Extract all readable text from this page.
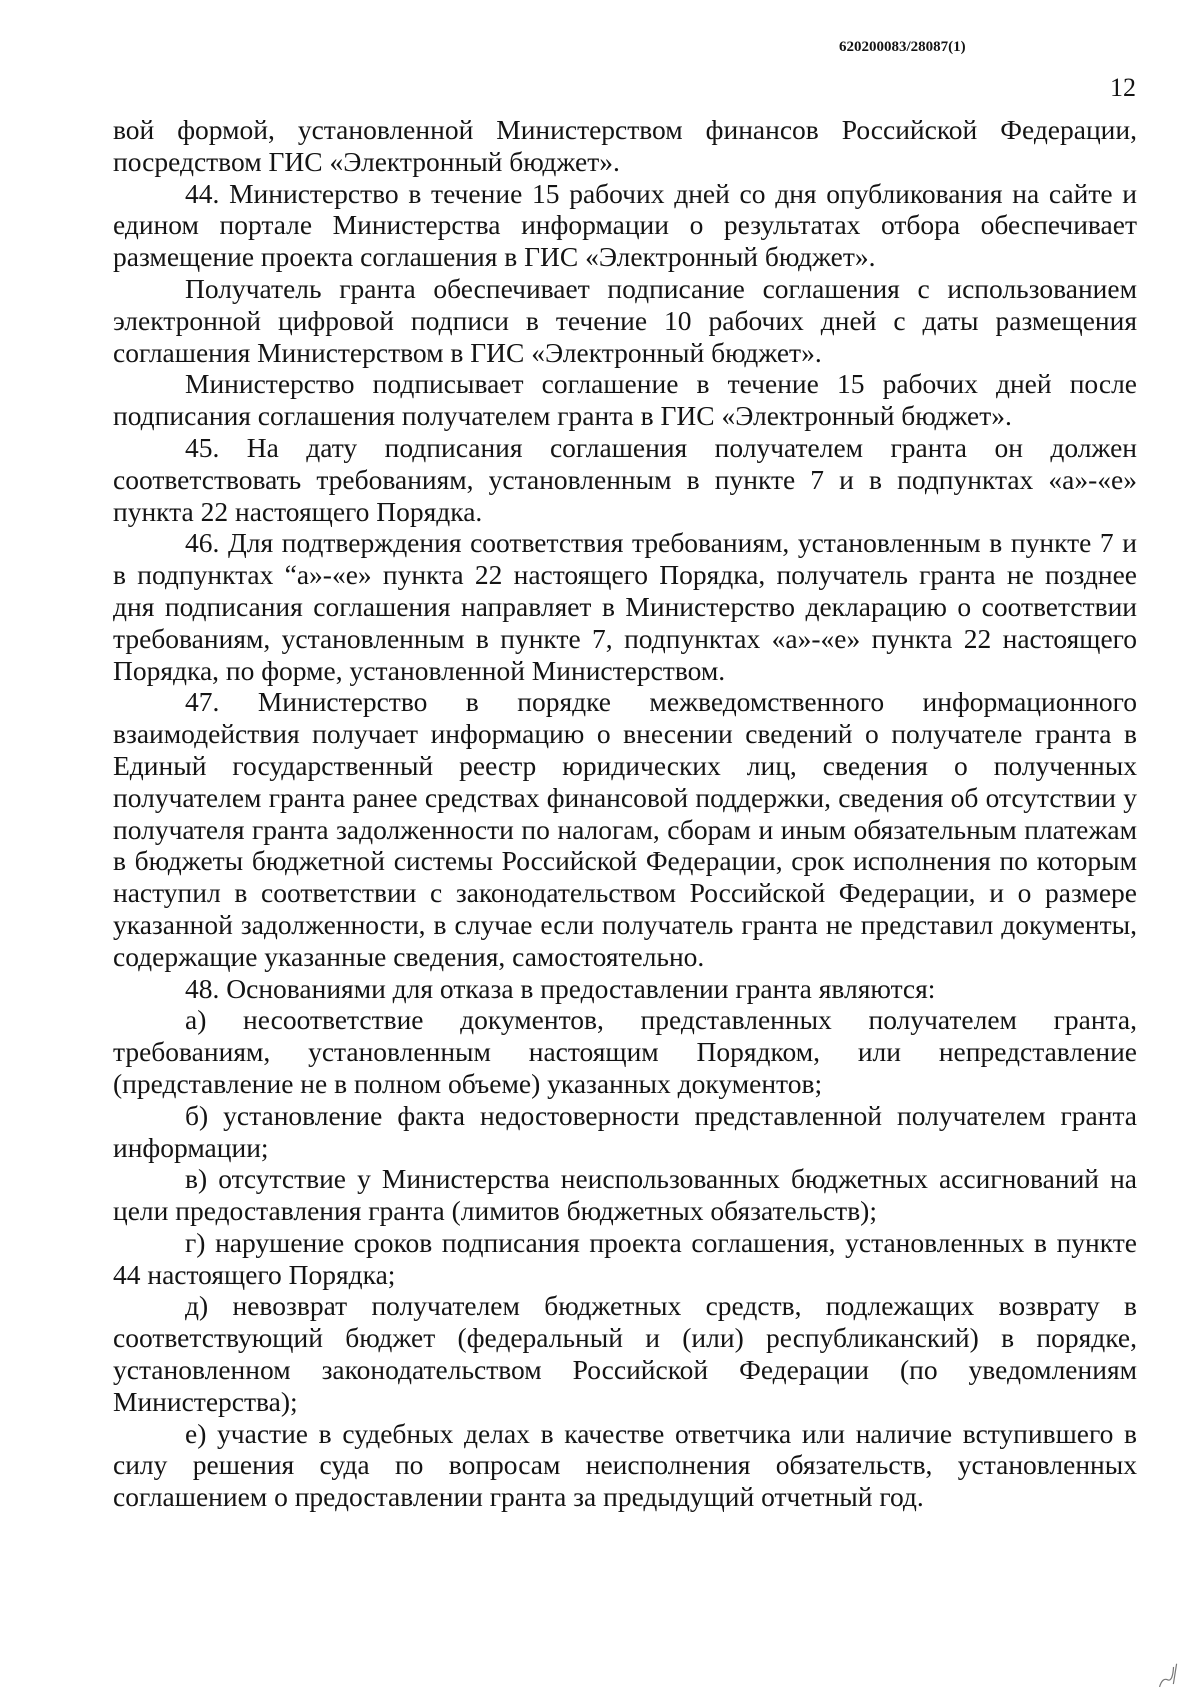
620200083/28087(1)
12

вой формой, установленной Министерством финансов Российской Федерации, посредством ГИС «Электронный бюджет».

44. Министерство в течение 15 рабочих дней со дня опубликования на сайте и едином портале Министерства информации о результатах отбора обеспечивает размещение проекта соглашения в ГИС «Электронный бюджет».

Получатель гранта обеспечивает подписание соглашения с использованием электронной цифровой подписи в течение 10 рабочих дней с даты размещения соглашения Министерством в ГИС «Электронный бюджет».

Министерство подписывает соглашение в течение 15 рабочих дней после подписания соглашения получателем гранта в ГИС «Электронный бюджет».

45. На дату подписания соглашения получателем гранта он должен соответствовать требованиям, установленным в пункте 7 и в подпунктах «а»-«е» пункта 22 настоящего Порядка.

46. Для подтверждения соответствия требованиям, установленным в пункте 7 и в подпунктах “а»-«е» пункта 22 настоящего Порядка, получатель гранта не позднее дня подписания соглашения направляет в Министерство декларацию о соответствии требованиям, установленным в пункте 7, подпунктах «а»-«е» пункта 22 настоящего Порядка, по форме, установленной Министерством.

47. Министерство в порядке межведомственного информационного взаимодействия получает информацию о внесении сведений о получателе гранта в Единый государственный реестр юридических лиц, сведения о полученных получателем гранта ранее средствах финансовой поддержки, сведения об отсутствии у получателя гранта задолженности по налогам, сборам и иным обязательным платежам в бюджеты бюджетной системы Российской Федерации, срок исполнения по которым наступил в соответствии с законодательством Российской Федерации, и о размере указанной задолженности, в случае если получатель гранта не представил документы, содержащие указанные сведения, самостоятельно.

48. Основаниями для отказа в предоставлении гранта являются:

а) несоответствие документов, представленных получателем гранта, требованиям, установленным настоящим Порядком, или непредставление (представление не в полном объеме) указанных документов;

б) установление факта недостоверности представленной получателем гранта информации;

в) отсутствие у Министерства неиспользованных бюджетных ассигнований на цели предоставления гранта (лимитов бюджетных обязательств);

г) нарушение сроков подписания проекта соглашения, установленных в пункте 44 настоящего Порядка;

д) невозврат получателем бюджетных средств, подлежащих возврату в соответствующий бюджет (федеральный и (или) республиканский) в порядке, установленном законодательством Российской Федерации (по уведомлениям Министерства);

е) участие в судебных делах в качестве ответчика или наличие вступившего в силу решения суда по вопросам неисполнения обязательств, установленных соглашением о предоставлении гранта за предыдущий отчетный год.
